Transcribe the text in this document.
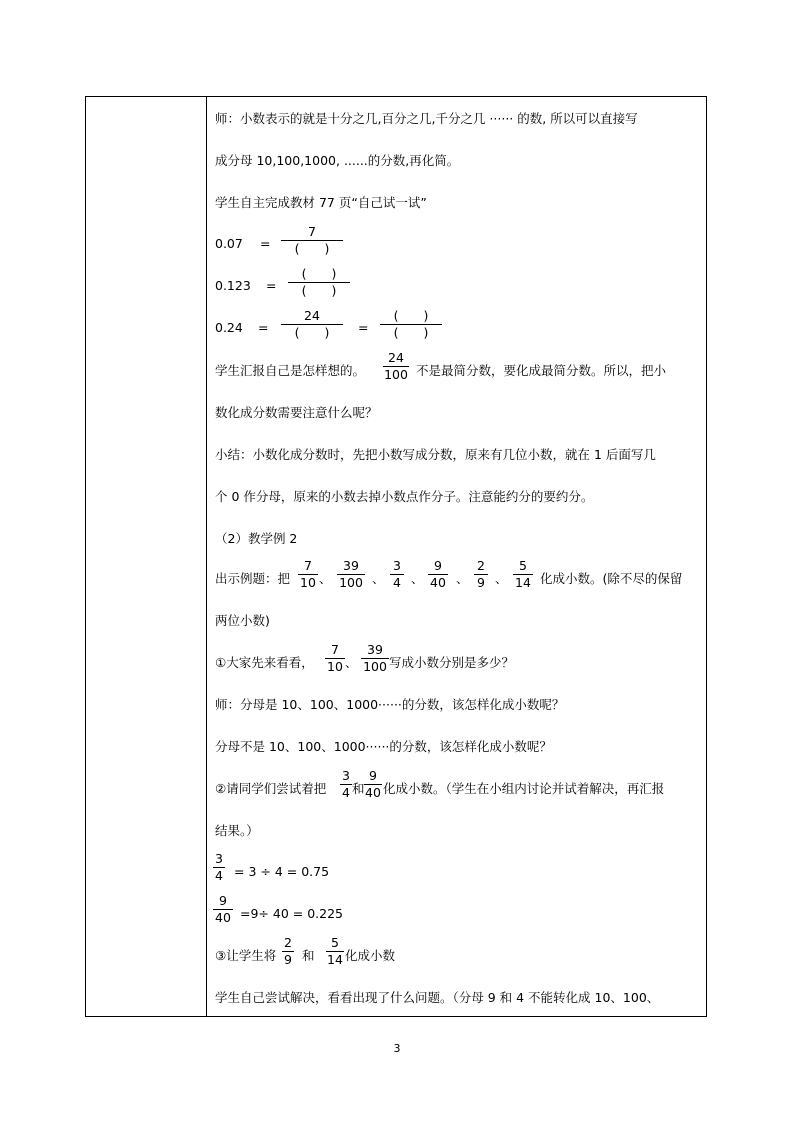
师：小数表示的就是十分之几,百分之几,千分之几 ······ 的数, 所以可以直接写
成分母 10,100,1000, ......的分数,再化简。
学生自主完成教材 77 页“自己试一试”
0.07 =
7
(　　)
0.123 =
(　　)
(　　)
0.24 =
24
(　　)	=
(　　)
(　　)
学生汇报自己是怎样想的。
24
100 不是最简分数，要化成最简分数。所以，把小
数化成分数需要注意什么呢？
小结：小数化成分数时，先把小数写成分数，原来有几位小数，就在 1 后面写几
个 0 作分母，原来的小数去掉小数点作分子。注意能约分的要约分。
（2）教学例 2
出示例题：把
7
10 、
39
100 、
3
4 、
9
40 、
2
9 、
5
14 化成小数。(除不尽的保留
两位小数)
①大家先来看看，
7
10 、
39
100 写成小数分别是多少？
师：分母是 10、100、1000······的分数，该怎样化成小数呢？
分母不是 10、100、1000······的分数，该怎样化成小数呢？
②请同学们尝试着把
3
4 和
9
40 化成小数。（学生在小组内讨论并试着解决，再汇报
结果。）
3
4 = 3 ÷ 4 = 0.75
9
40 =9÷ 40 = 0.225
③让学生将
2
9 和
5
14 化成小数
学生自己尝试解决，看看出现了什么问题。（分母 9 和 4 不能转化成 10、100、
3
